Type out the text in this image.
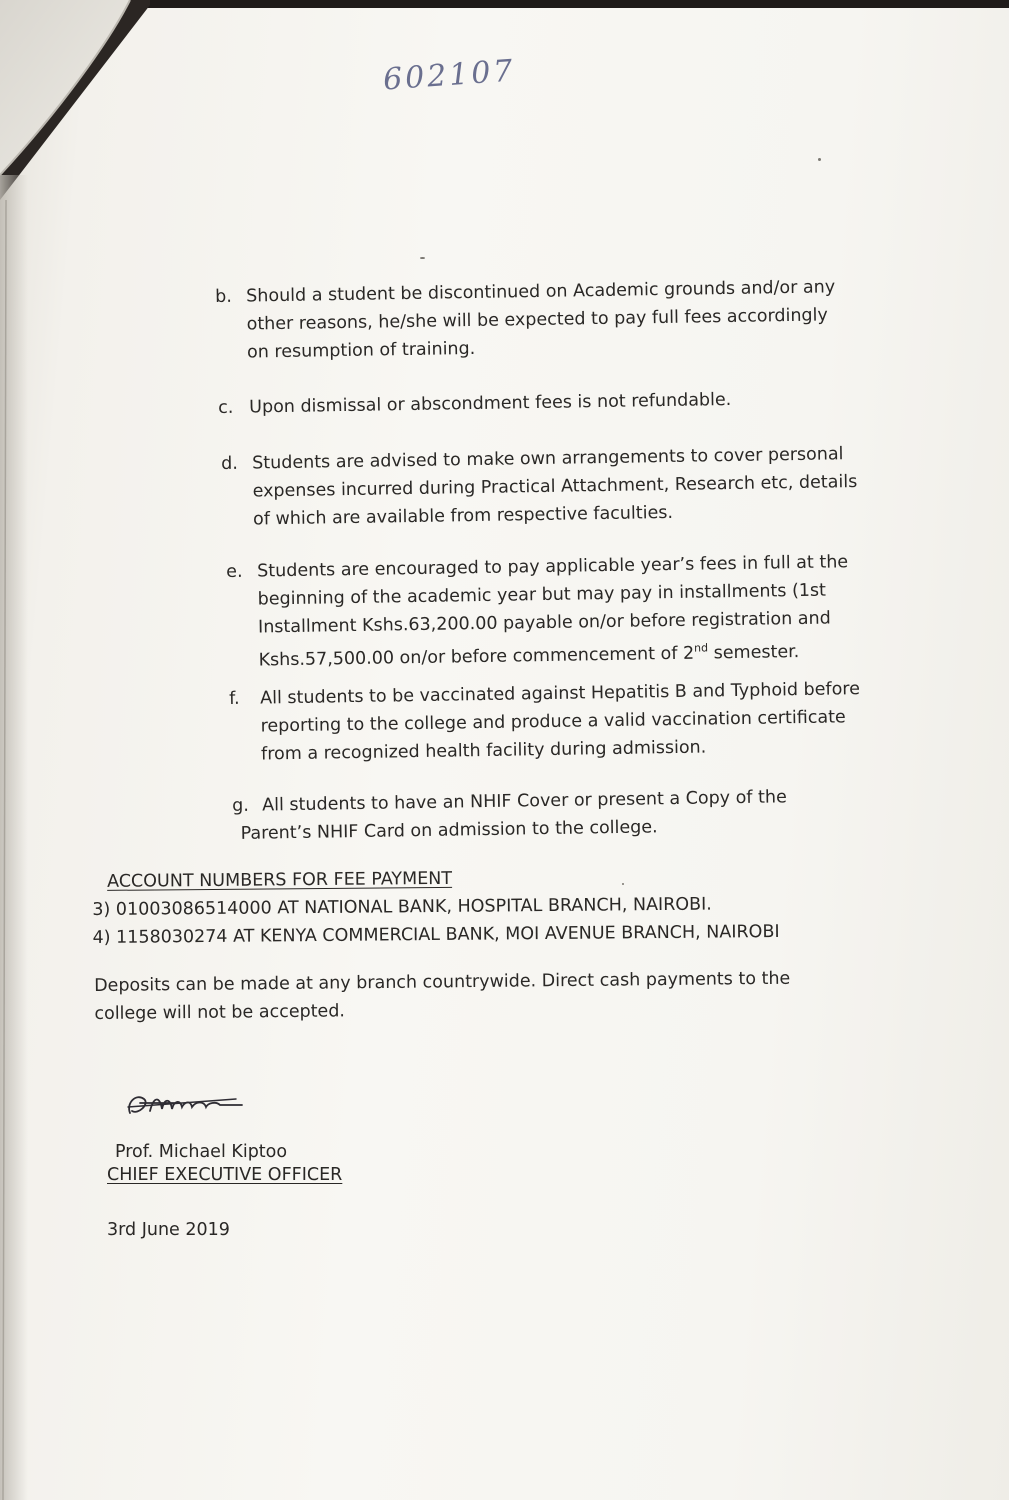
602107
b. Should a student be discontinued on Academic grounds and/or any
other reasons, he/she will be expected to pay full fees accordingly
on resumption of training.
c. Upon dismissal or abscondment fees is not refundable.
d. Students are advised to make own arrangements to cover personal
expenses incurred during Practical Attachment, Research etc, details
of which are available from respective faculties.
e. Students are encouraged to pay applicable year’s fees in full at the
beginning of the academic year but may pay in installments (1st
Installment Kshs.63,200.00 payable on/or before registration and
Kshs.57,500.00 on/or before commencement of 2nd semester.
f.	All students to be vaccinated against Hepatitis B and Typhoid before
reporting to the college and produce a valid vaccination certificate
from a recognized health facility during admission.
g. All students to have an NHIF Cover or present a Copy of the
Parent’s NHIF Card on admission to the college.
ACCOUNT NUMBERS FOR FEE PAYMENT
3) 01003086514000 AT NATIONAL BANK, HOSPITAL BRANCH, NAIROBI.
4) 1158030274 AT KENYA COMMERCIAL BANK, MOI AVENUE BRANCH, NAIROBI
Deposits can be made at any branch countrywide. Direct cash payments to the
college will not be accepted.
Prof. Michael Kiptoo
CHIEF EXECUTIVE OFFICER
3rd June 2019
